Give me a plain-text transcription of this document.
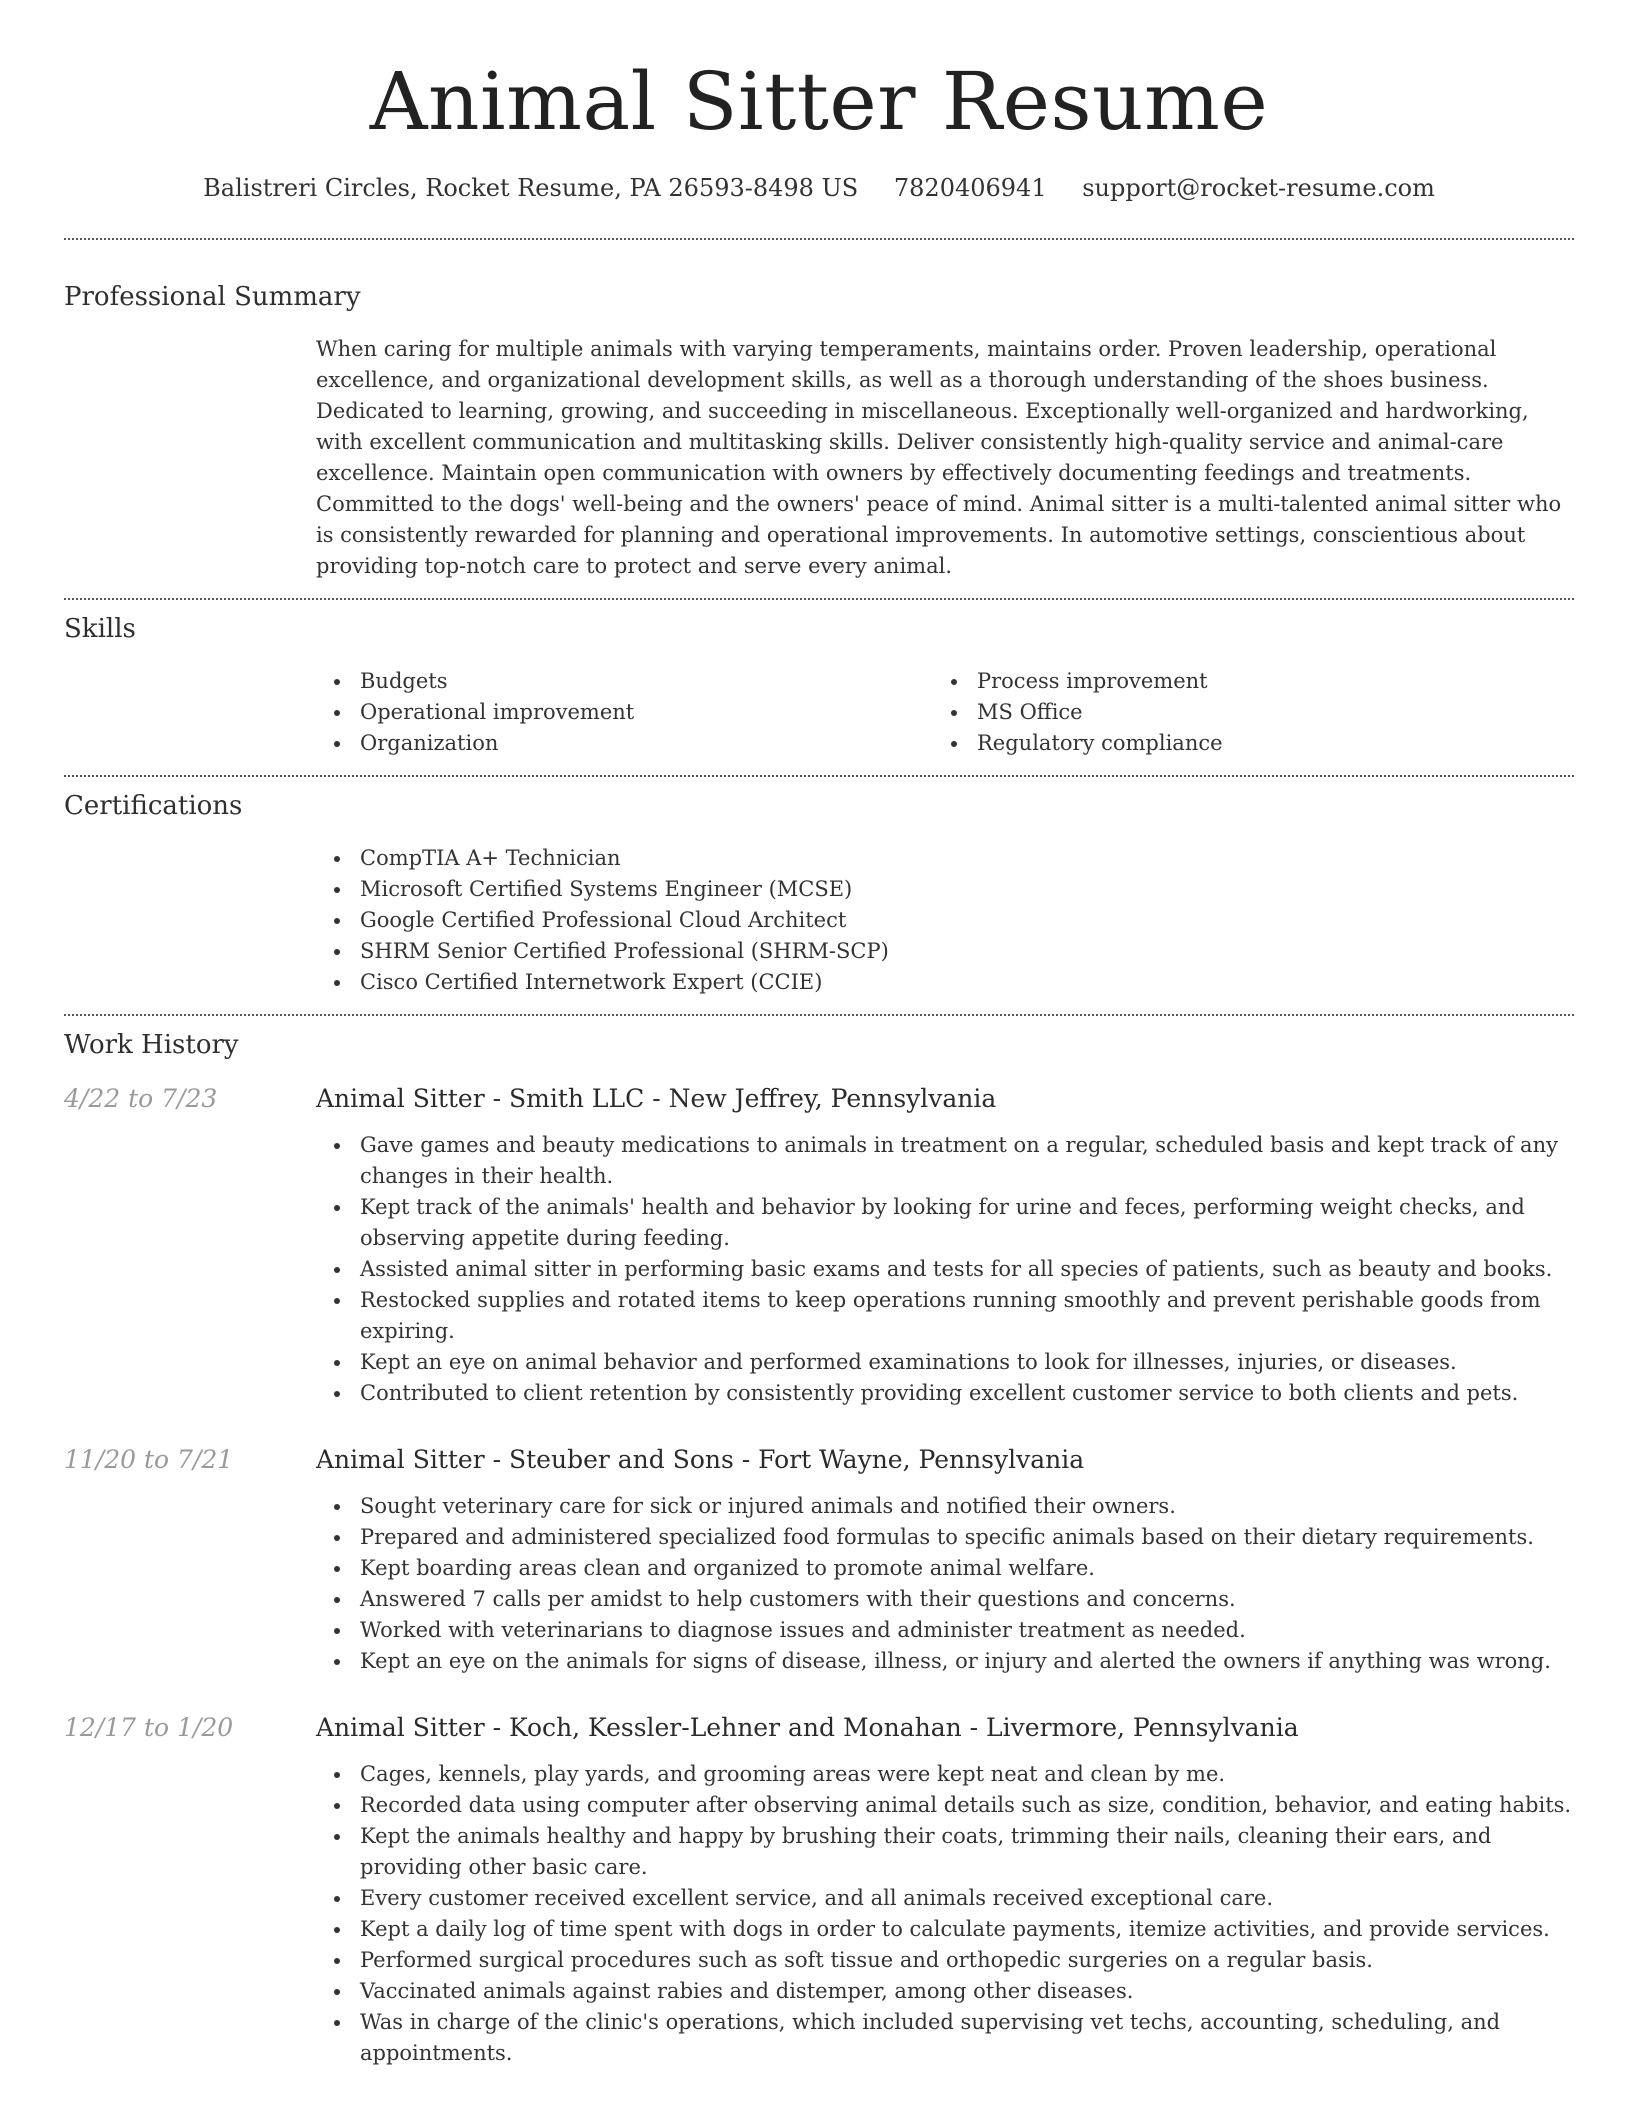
Animal Sitter Resume
Balistreri Circles, Rocket Resume, PA 26593-8498 US 7820406941 support@rocket-resume.com
Professional Summary

When caring for multiple animals with varying temperaments, maintains order. Proven leadership, operational excellence, and organizational development skills, as well as a thorough understanding of the shoes business. Dedicated to learning, growing, and succeeding in miscellaneous. Exceptionally well-organized and hardworking, with excellent communication and multitasking skills. Deliver consistently high-quality service and animal-care excellence. Maintain open communication with owners by effectively documenting feedings and treatments. Committed to the dogs' well-being and the owners' peace of mind. Animal sitter is a multi-talented animal sitter who is consistently rewarded for planning and operational improvements. In automotive settings, conscientious about providing top-notch care to protect and serve every animal.

Skills
Budgets
Operational improvement
Organization
Process improvement
MS Office
Regulatory compliance
Certifications
CompTIA A+ Technician
Microsoft Certified Systems Engineer (MCSE)
Google Certified Professional Cloud Architect
SHRM Senior Certified Professional (SHRM-SCP)
Cisco Certified Internetwork Expert (CCIE)
Work History
4/22 to 7/23	Animal Sitter - Smith LLC - New Jeffrey, Pennsylvania
Gave games and beauty medications to animals in treatment on a regular, scheduled basis and kept track of any changes in their health.
Kept track of the animals' health and behavior by looking for urine and feces, performing weight checks, and observing appetite during feeding.
Assisted animal sitter in performing basic exams and tests for all species of patients, such as beauty and books.
Restocked supplies and rotated items to keep operations running smoothly and prevent perishable goods from expiring.
Kept an eye on animal behavior and performed examinations to look for illnesses, injuries, or diseases.
Contributed to client retention by consistently providing excellent customer service to both clients and pets.
11/20 to 7/21	Animal Sitter - Steuber and Sons - Fort Wayne, Pennsylvania
Sought veterinary care for sick or injured animals and notified their owners.
Prepared and administered specialized food formulas to specific animals based on their dietary requirements.
Kept boarding areas clean and organized to promote animal welfare.
Answered 7 calls per amidst to help customers with their questions and concerns.
Worked with veterinarians to diagnose issues and administer treatment as needed.
Kept an eye on the animals for signs of disease, illness, or injury and alerted the owners if anything was wrong.
12/17 to 1/20	Animal Sitter - Koch, Kessler-Lehner and Monahan - Livermore, Pennsylvania
Cages, kennels, play yards, and grooming areas were kept neat and clean by me.
Recorded data using computer after observing animal details such as size, condition, behavior, and eating habits.
Kept the animals healthy and happy by brushing their coats, trimming their nails, cleaning their ears, and providing other basic care.
Every customer received excellent service, and all animals received exceptional care.
Kept a daily log of time spent with dogs in order to calculate payments, itemize activities, and provide services.
Performed surgical procedures such as soft tissue and orthopedic surgeries on a regular basis.
Vaccinated animals against rabies and distemper, among other diseases.
Was in charge of the clinic's operations, which included supervising vet techs, accounting, scheduling, and appointments.
